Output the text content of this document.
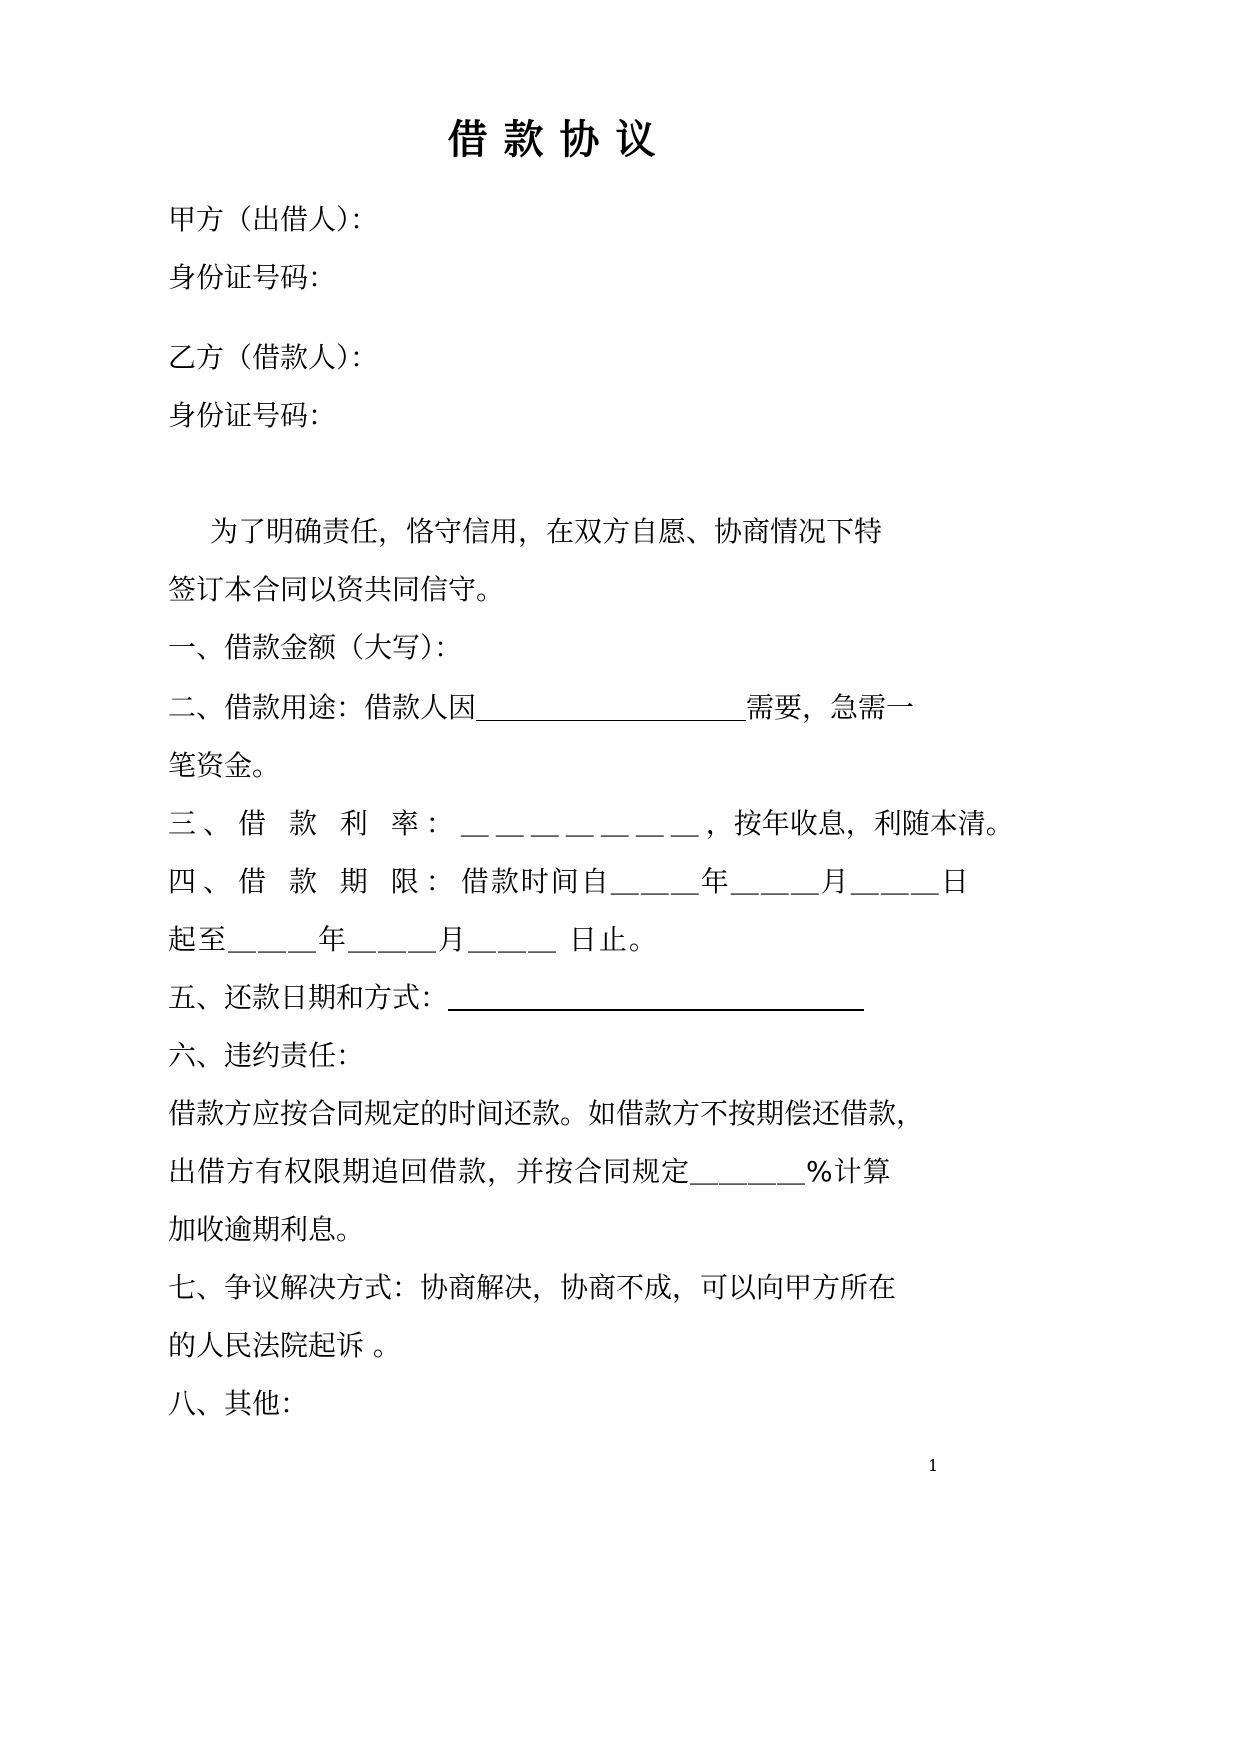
借款协议
甲方（出借人）：
身份证号码：
乙方（借款人）：
身份证号码：
为了明确责任，恪守信用，在双方自愿、协商情况下特
签订本合同以资共同信守。
一、借款金额（大写）：
二、借款用途：借款人因	需要，急需一
笔资金。
三、借 款 利 率：＿＿＿＿＿＿＿，按年收息，利随本清。
四、借 款 期 限：借款时间自＿＿＿年＿＿＿月＿＿＿日
起至＿＿＿年＿＿＿月＿＿＿ 日止。
五、还款日期和方式：
六、违约责任：
借款方应按合同规定的时间还款。如借款方不按期偿还借款，
出借方有权限期追回借款，并按合同规定＿＿＿＿%计算
加收逾期利息。
七、争议解决方式：协商解决，协商不成，可以向甲方所在
的人民法院起诉 。
八、其他：
1
